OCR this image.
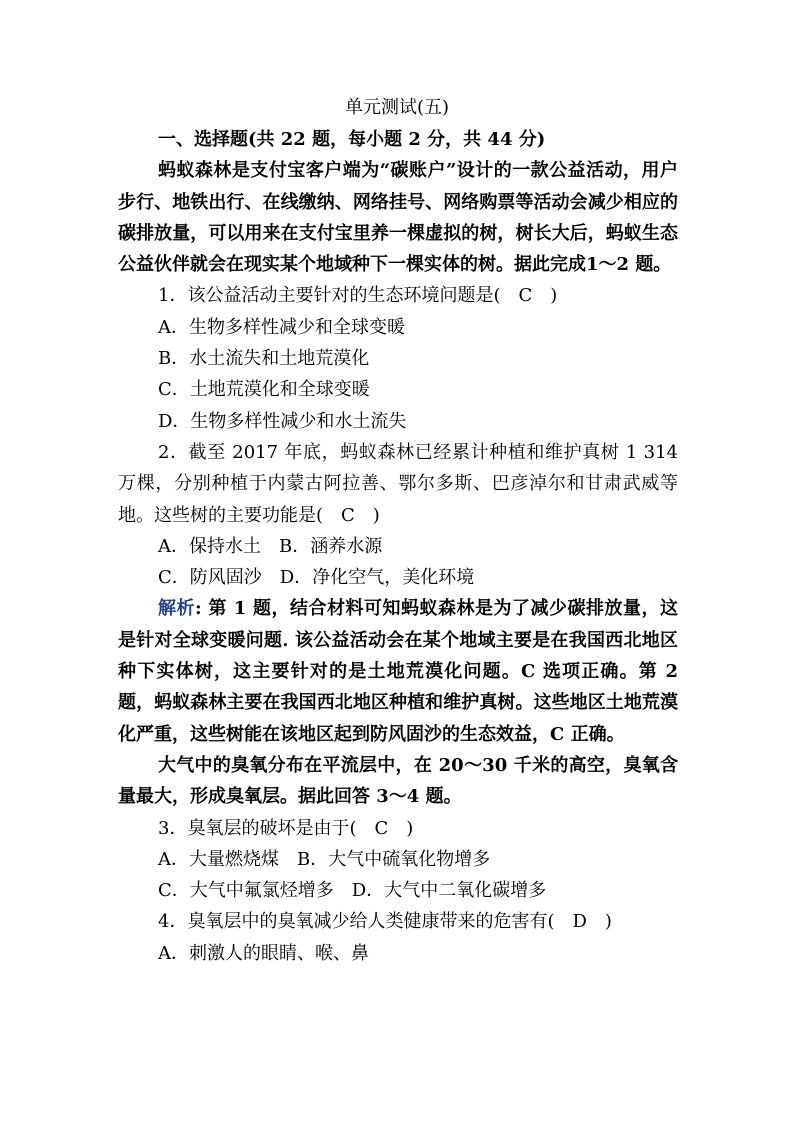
单元测试(五)

一、选择题(共 22 题，每小题 2 分，共 44 分)

蚂蚁森林是支付宝客户端为“碳账户”设计的一款公益活动，用户步行、地铁出行、在线缴纳、网络挂号、网络购票等活动会减少相应的碳排放量，可以用来在支付宝里养一棵虚拟的树，树长大后，蚂蚁生态公益伙伴就会在现实某个地域种下一棵实体的树。据此完成1～2 题。

1．该公益活动主要针对的生态环境问题是(　C　)

A．生物多样性减少和全球变暖

B．水土流失和土地荒漠化

C．土地荒漠化和全球变暖

D．生物多样性减少和水土流失

2．截至 2017 年底，蚂蚁森林已经累计种植和维护真树 1 314 万棵，分别种植于内蒙古阿拉善、鄂尔多斯、巴彦淖尔和甘肃武威等地。这些树的主要功能是(　C　)

A．保持水土　B．涵养水源

C．防风固沙　D．净化空气，美化环境

解析: 第 1 题，结合材料可知蚂蚁森林是为了减少碳排放量，这是针对全球变暖问题. 该公益活动会在某个地域主要是在我国西北地区种下实体树，这主要针对的是土地荒漠化问题。C 选项正确。第 2 题，蚂蚁森林主要在我国西北地区种植和维护真树。这些地区土地荒漠化严重，这些树能在该地区起到防风固沙的生态效益，C 正确。

大气中的臭氧分布在平流层中，在 20～30 千米的高空，臭氧含量最大，形成臭氧层。据此回答 3～4 题。

3．臭氧层的破坏是由于(　C　)

A．大量燃烧煤　B．大气中硫氧化物增多

C．大气中氟氯烃增多　D．大气中二氧化碳增多

4．臭氧层中的臭氧减少给人类健康带来的危害有(　D　)

A．刺激人的眼睛、喉、鼻
